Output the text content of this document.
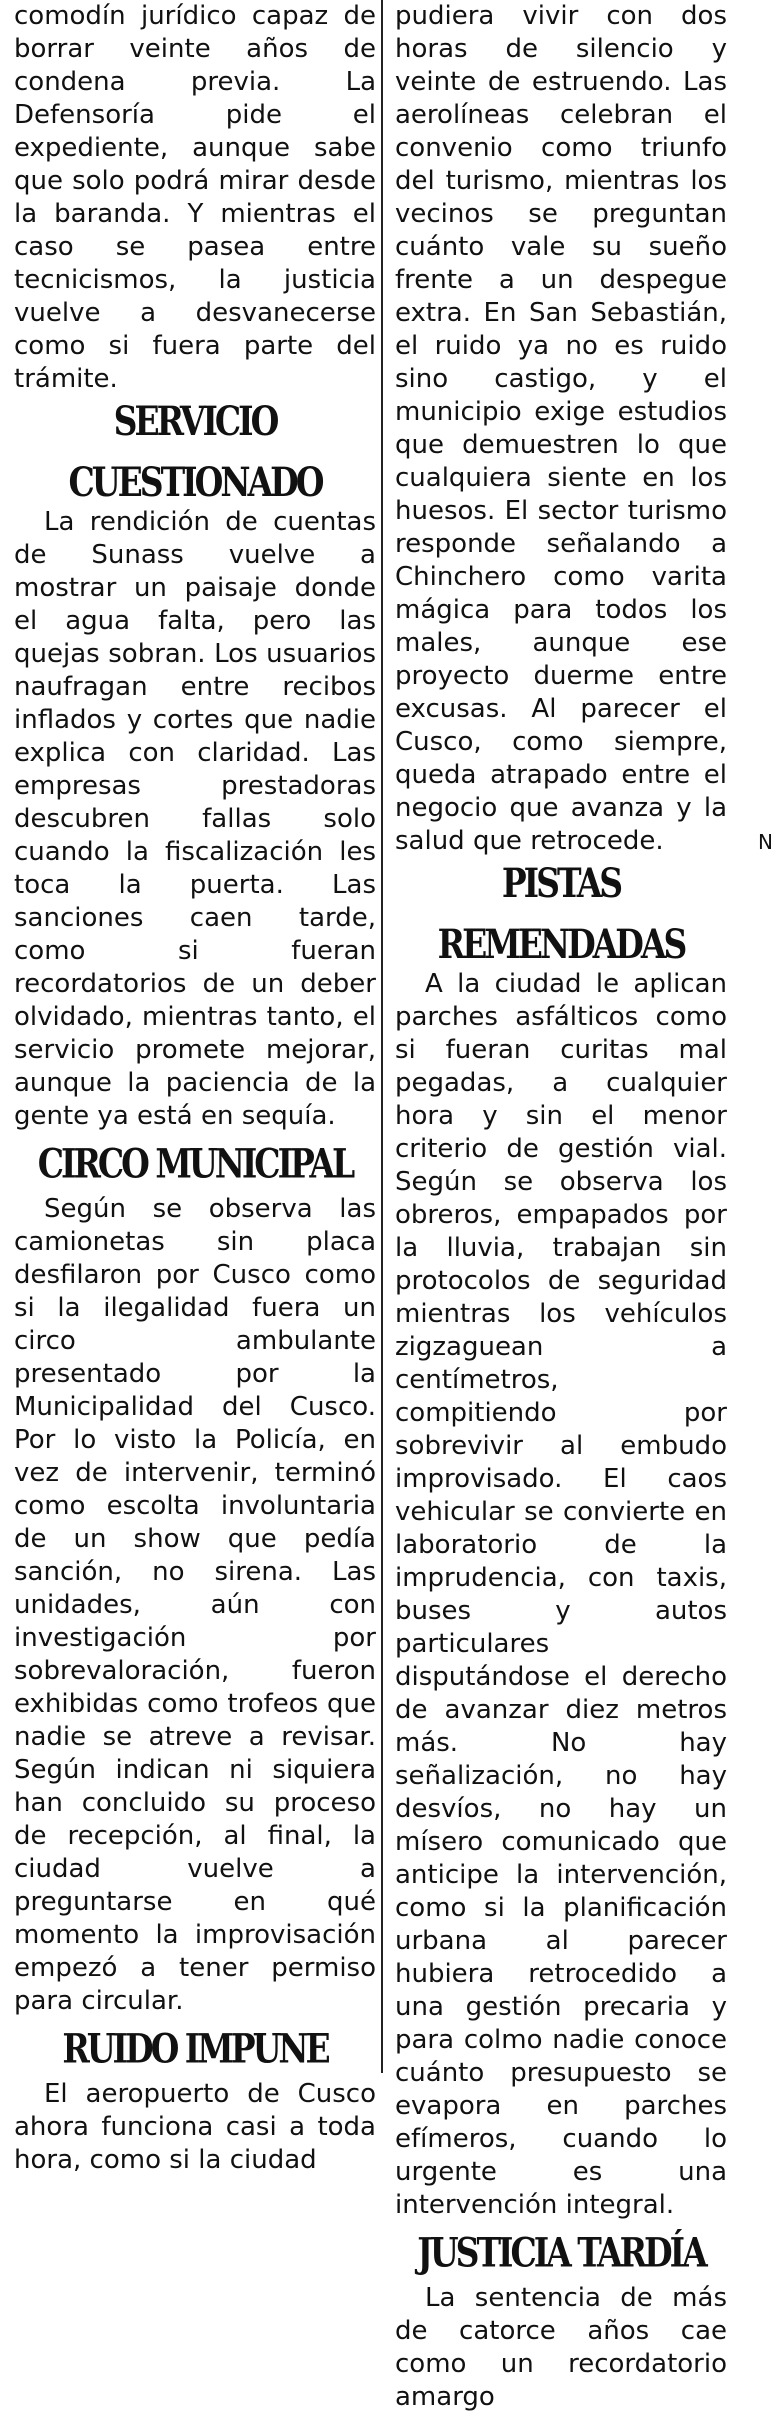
comodín jurídico capaz de borrar veinte años de condena previa. La Defensoría pide el expediente, aunque sabe que solo podrá mirar desde la baranda. Y mientras el caso se pasea entre tecnicismos, la justicia vuelve a desvanecerse como si fuera parte del trámite.

SERVICIO CUESTIONADO

La rendición de cuentas de Sunass vuelve a mostrar un paisaje donde el agua falta, pero las quejas sobran. Los usuarios naufragan entre recibos inflados y cortes que nadie explica con claridad. Las empresas prestadoras descubren fallas solo cuando la fiscalización les toca la puerta. Las sanciones caen tarde, como si fueran recordatorios de un deber olvidado, mientras tanto, el servicio promete mejorar, aunque la paciencia de la gente ya está en sequía.

CIRCO MUNICIPAL

Según se observa las camionetas sin placa desfilaron por Cusco como si la ilegalidad fuera un circo ambulante presentado por la Municipalidad del Cusco. Por lo visto la Policía, en vez de intervenir, terminó como escolta involuntaria de un show que pedía sanción, no sirena. Las unidades, aún con investigación por sobrevaloración, fueron exhibidas como trofeos que nadie se atreve a revisar. Según indican ni siquiera han concluido su proceso de recepción, al final, la ciudad vuelve a preguntarse en qué momento la improvisación empezó a tener permiso para circular.

RUIDO IMPUNE

El aeropuerto de Cusco ahora funciona casi a toda hora, como si la ciudad

pudiera vivir con dos horas de silencio y veinte de estruendo. Las aerolíneas celebran el convenio como triunfo del turismo, mientras los vecinos se preguntan cuánto vale su sueño frente a un despegue extra. En San Sebastián, el ruido ya no es ruido sino castigo, y el municipio exige estudios que demuestren lo que cualquiera siente en los huesos. El sector turismo responde señalando a Chinchero como varita mágica para todos los males, aunque ese proyecto duerme entre excusas. Al parecer el Cusco, como siempre, queda atrapado entre el negocio que avanza y la salud que retrocede.

PISTAS REMENDADAS

A la ciudad le aplican parches asfálticos como si fueran curitas mal pegadas, a cualquier hora y sin el menor criterio de gestión vial. Según se observa los obreros, empapados por la lluvia, trabajan sin protocolos de seguridad mientras los vehículos zigzaguean a centímetros, compitiendo por sobrevivir al embudo improvisado. El caos vehicular se convierte en laboratorio de la imprudencia, con taxis, buses y autos particulares disputándose el derecho de avanzar diez metros más. No hay señalización, no hay desvíos, no hay un mísero comunicado que anticipe la intervención, como si la planificación urbana al parecer hubiera retrocedido a una gestión precaria y para colmo nadie conoce cuánto presupuesto se evapora en parches efímeros, cuando lo urgente es una intervención integral.

JUSTICIA TARDÍA

La sentencia de más de catorce años cae como un recordatorio amargo

N
